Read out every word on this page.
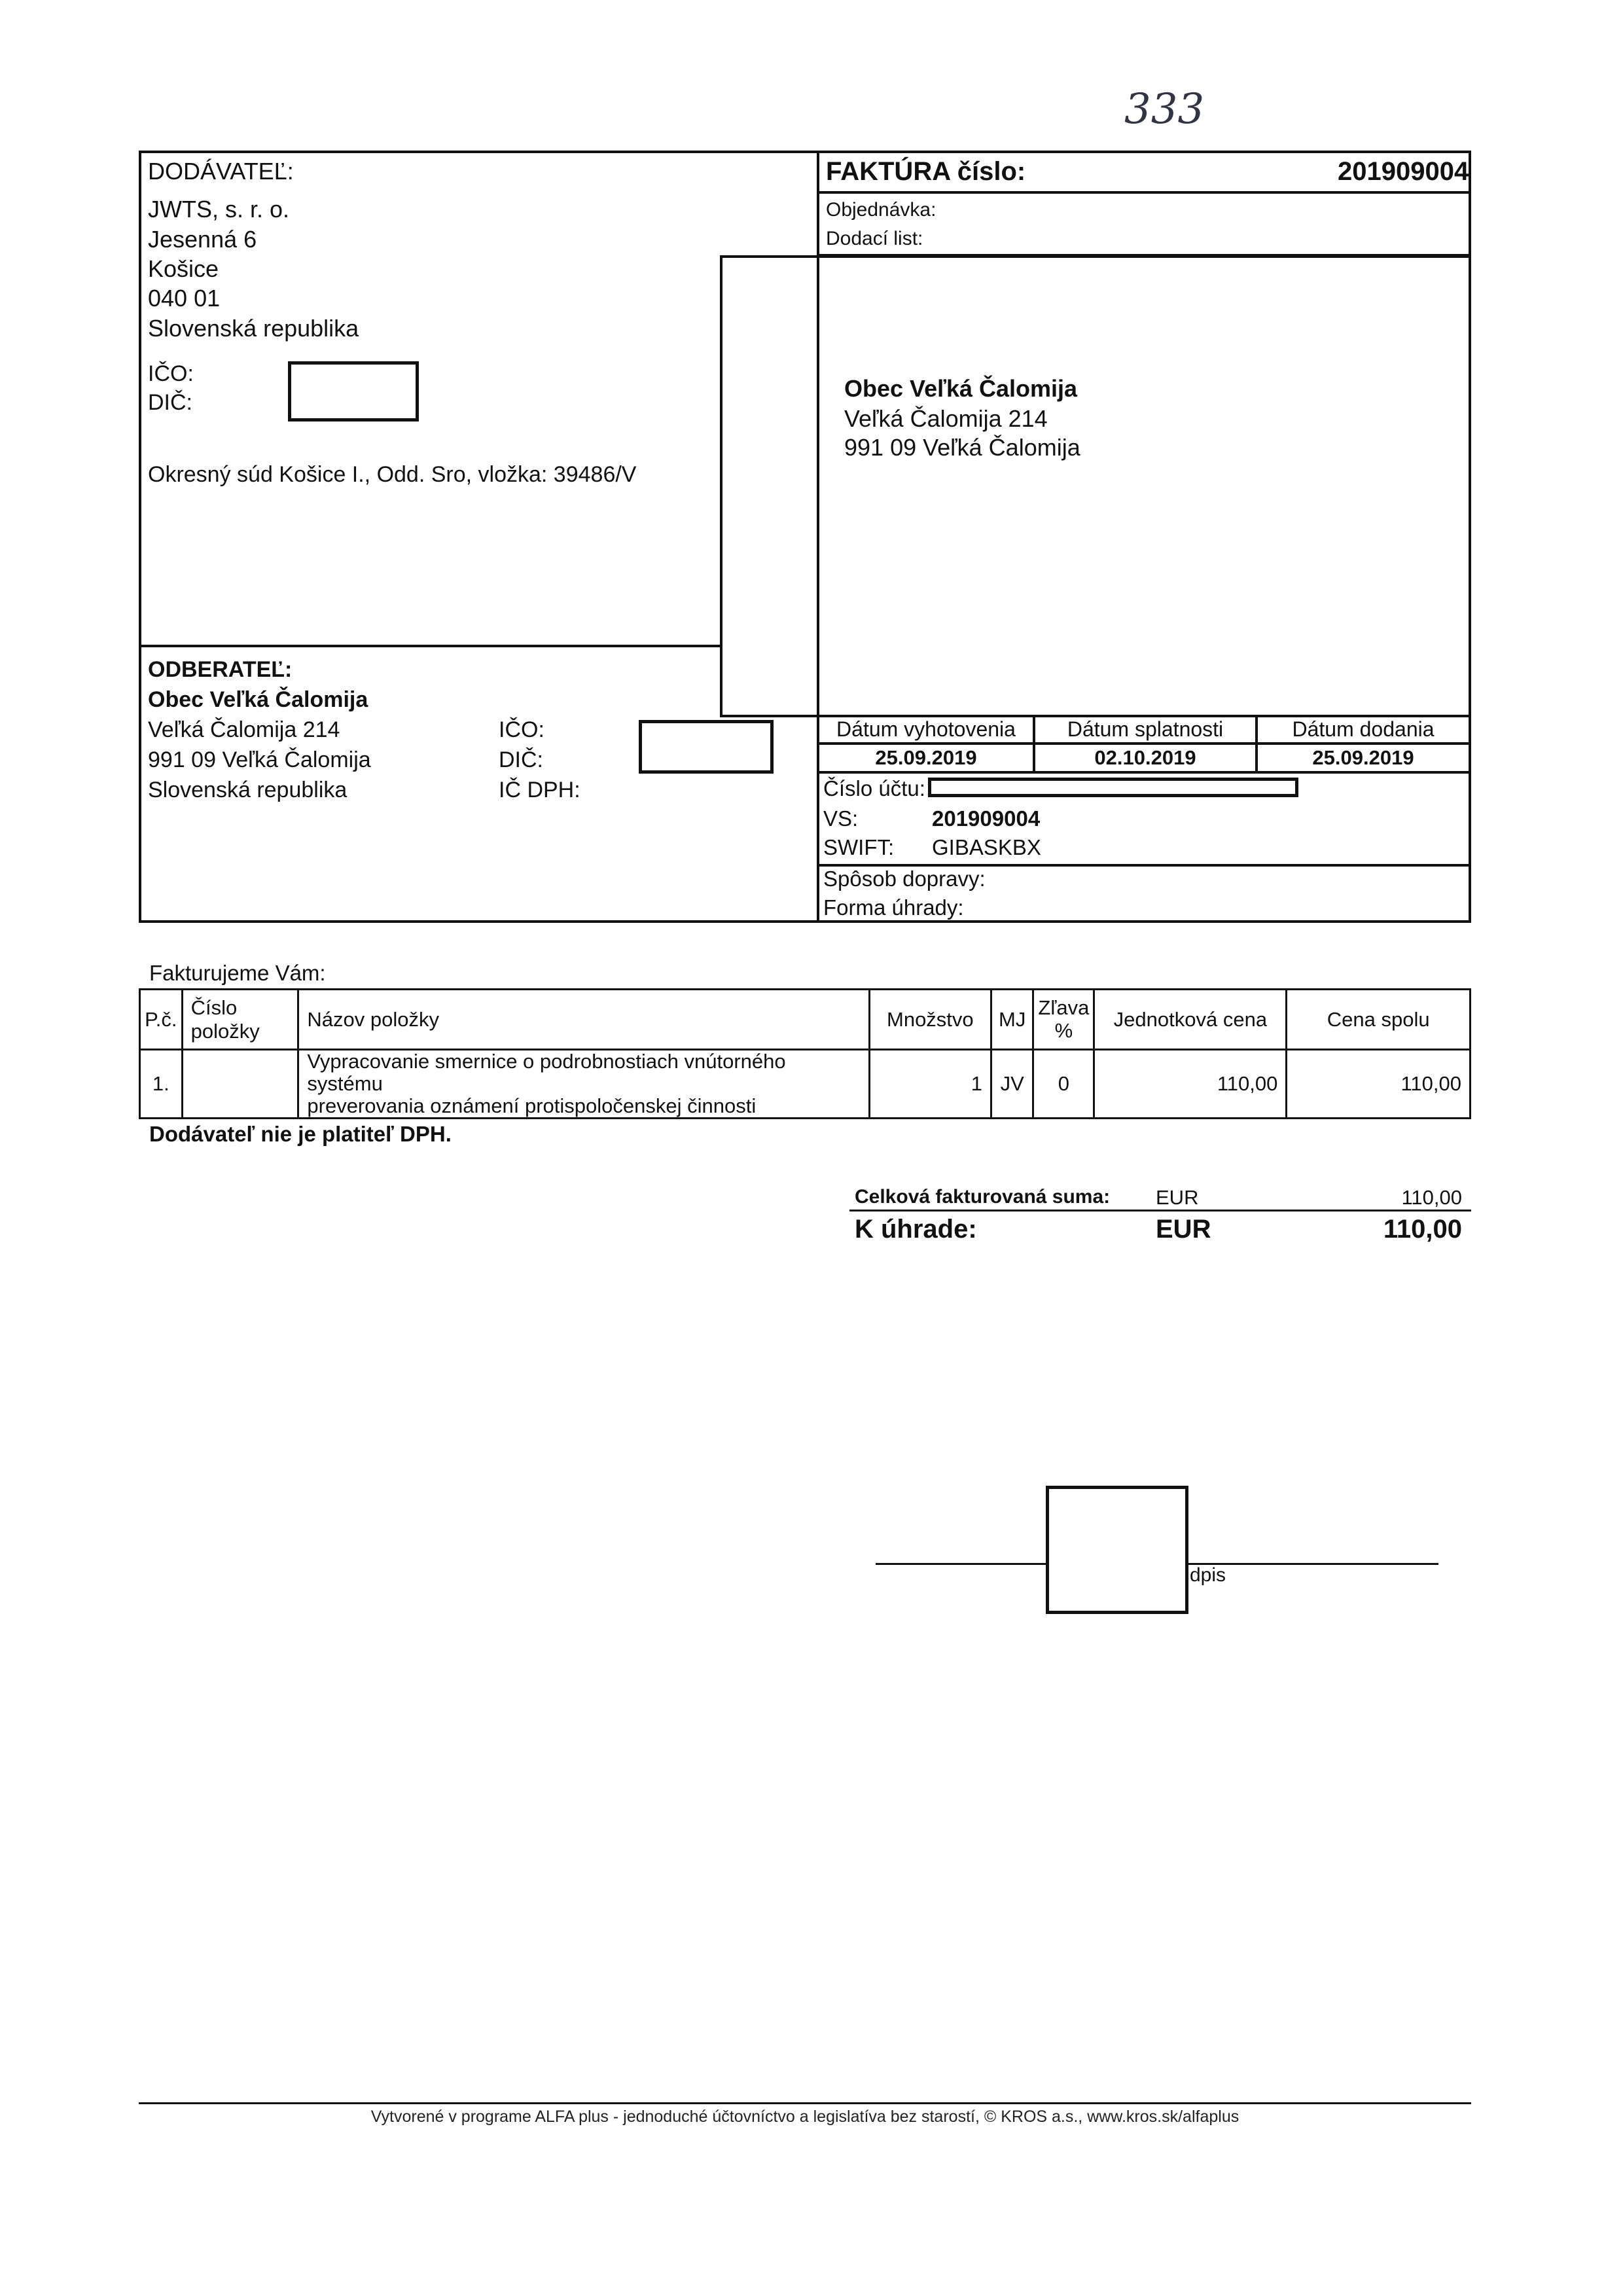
333
DODÁVATEĽ:
JWTS, s. r. o.
Jesenná 6
Košice
040 01
Slovenská republika
IČO:
DIČ:
Okresný súd Košice I., Odd. Sro, vložka: 39486/V
ODBERATEĽ:
Obec Veľká Čalomija
Veľká Čalomija 214
991 09 Veľká Čalomija
Slovenská republika
IČO:
DIČ:
IČ DPH:
FAKTÚRA číslo:	201909004
Objednávka:
Dodací list:
Obec Veľká Čalomija
Veľká Čalomija 214
991 09 Veľká Čalomija
Dátum vyhotovenia	Dátum splatnosti	Dátum dodania
25.09.2019	02.10.2019	25.09.2019
Číslo účtu:
VS:	201909004
SWIFT: GIBASKBX
Spôsob dopravy:
Forma úhrady:
Fakturujeme Vám:
P.č.	Číslo položky	Názov položky	Množstvo	MJ	Zľava %	Jednotková cena	Cena spolu
1.		Vypracovanie smernice o podrobnostiach vnútorného systému
preverovania oznámení protispoločenskej činnosti	1	JV	0	110,00	110,00
Dodávateľ nie je platiteľ DPH.
Celková fakturovaná suma: EUR	110,00
K úhrade:	EUR	110,00
dpis
Vytvorené v programe ALFA plus - jednoduché účtovníctvo a legislatíva bez starostí, © KROS a.s., www.kros.sk/alfaplus
